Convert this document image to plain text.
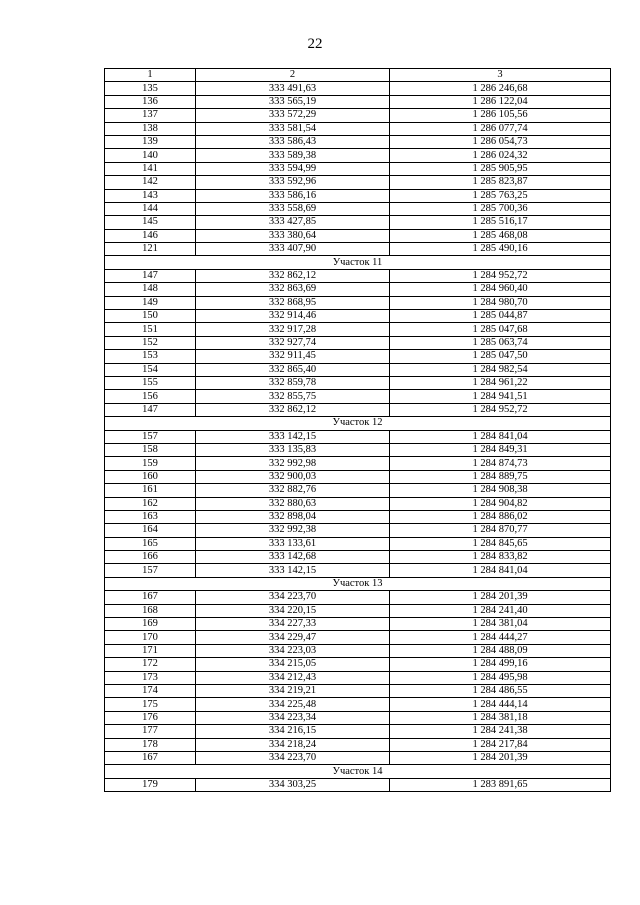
22
1	2	3
135	333 491,63	1 286 246,68
136	333 565,19	1 286 122,04
137	333 572,29	1 286 105,56
138	333 581,54	1 286 077,74
139	333 586,43	1 286 054,73
140	333 589,38	1 286 024,32
141	333 594,99	1 285 905,95
142	333 592,96	1 285 823,87
143	333 586,16	1 285 763,25
144	333 558,69	1 285 700,36
145	333 427,85	1 285 516,17
146	333 380,64	1 285 468,08
121	333 407,90	1 285 490,16
Участок 11		
147	332 862,12	1 284 952,72
148	332 863,69	1 284 960,40
149	332 868,95	1 284 980,70
150	332 914,46	1 285 044,87
151	332 917,28	1 285 047,68
152	332 927,74	1 285 063,74
153	332 911,45	1 285 047,50
154	332 865,40	1 284 982,54
155	332 859,78	1 284 961,22
156	332 855,75	1 284 941,51
147	332 862,12	1 284 952,72
Участок 12		
157	333 142,15	1 284 841,04
158	333 135,83	1 284 849,31
159	332 992,98	1 284 874,73
160	332 900,03	1 284 889,75
161	332 882,76	1 284 908,38
162	332 880,63	1 284 904,82
163	332 898,04	1 284 886,02
164	332 992,38	1 284 870,77
165	333 133,61	1 284 845,65
166	333 142,68	1 284 833,82
157	333 142,15	1 284 841,04
Участок 13		
167	334 223,70	1 284 201,39
168	334 220,15	1 284 241,40
169	334 227,33	1 284 381,04
170	334 229,47	1 284 444,27
171	334 223,03	1 284 488,09
172	334 215,05	1 284 499,16
173	334 212,43	1 284 495,98
174	334 219,21	1 284 486,55
175	334 225,48	1 284 444,14
176	334 223,34	1 284 381,18
177	334 216,15	1 284 241,38
178	334 218,24	1 284 217,84
167	334 223,70	1 284 201,39
Участок 14		
179	334 303,25	1 283 891,65
